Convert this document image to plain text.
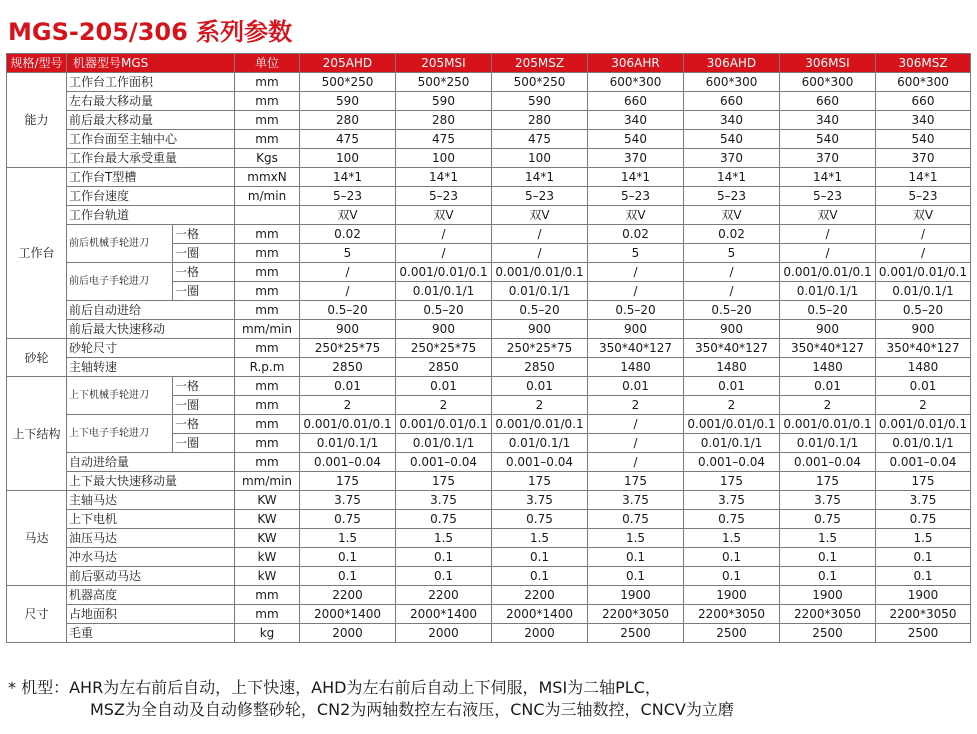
MGS-205/306 系列参数
规格/型号	机器型号MGS		单位	205AHD	205MSI	205MSZ	306AHR	306AHD	306MSI	306MSZ
能力	工作台工作面积		mm	500*250	500*250	500*250	600*300	600*300	600*300	600*300
	左右最大移动量		mm	590	590	590	660	660	660	660
	前后最大移动量		mm	280	280	280	340	340	340	340
	工作台面至主轴中心		mm	475	475	475	540	540	540	540
	工作台最大承受重量		Kgs	100	100	100	370	370	370	370
工作台	工作台T型槽		mmxN	14*1	14*1	14*1	14*1	14*1	14*1	14*1
	工作台速度		m/min	5–23	5–23	5–23	5–23	5–23	5–23	5–23
	工作台轨道			双V	双V	双V	双V	双V	双V	双V
	前后机械手轮进刀	一格	mm	0.02	/	/	0.02	0.02	/	/
		一圈	mm	5	/	/	5	5	/	/
	前后电子手轮进刀	一格	mm	/	0.001/0.01/0.1	0.001/0.01/0.1	/	/	0.001/0.01/0.1	0.001/0.01/0.1
		一圈	mm	/	0.01/0.1/1	0.01/0.1/1	/	/	0.01/0.1/1	0.01/0.1/1
	前后自动进给		mm	0.5–20	0.5–20	0.5–20	0.5–20	0.5–20	0.5–20	0.5–20
	前后最大快速移动		mm/min	900	900	900	900	900	900	900
砂轮	砂轮尺寸		mm	250*25*75	250*25*75	250*25*75	350*40*127	350*40*127	350*40*127	350*40*127
	主轴转速		R.p.m	2850	2850	2850	1480	1480	1480	1480
上下结构	上下机械手轮进刀	一格	mm	0.01	0.01	0.01	0.01	0.01	0.01	0.01
		一圈	mm	2	2	2	2	2	2	2
	上下电子手轮进刀	一格	mm	0.001/0.01/0.1	0.001/0.01/0.1	0.001/0.01/0.1	/	0.001/0.01/0.1	0.001/0.01/0.1	0.001/0.01/0.1
		一圈	mm	0.01/0.1/1	0.01/0.1/1	0.01/0.1/1	/	0.01/0.1/1	0.01/0.1/1	0.01/0.1/1
	自动进给量		mm	0.001–0.04	0.001–0.04	0.001–0.04	/	0.001–0.04	0.001–0.04	0.001–0.04
	上下最大快速移动量		mm/min	175	175	175	175	175	175	175
马达	主轴马达		KW	3.75	3.75	3.75	3.75	3.75	3.75	3.75
	上下电机		KW	0.75	0.75	0.75	0.75	0.75	0.75	0.75
	油压马达		KW	1.5	1.5	1.5	1.5	1.5	1.5	1.5
	冲水马达		kW	0.1	0.1	0.1	0.1	0.1	0.1	0.1
	前后驱动马达		kW	0.1	0.1	0.1	0.1	0.1	0.1	0.1
尺寸	机器高度		mm	2200	2200	2200	1900	1900	1900	1900
	占地面积		mm	2000*1400	2000*1400	2000*1400	2200*3050	2200*3050	2200*3050	2200*3050
	毛重		kg	2000	2000	2000	2500	2500	2500	2500
* 机型：AHR为左右前后自动，上下快速，AHD为左右前后自动上下伺服，MSI为二轴PLC，
MSZ为全自动及自动修整砂轮，CN2为两轴数控左右液压，CNC为三轴数控，CNCV为立磨
